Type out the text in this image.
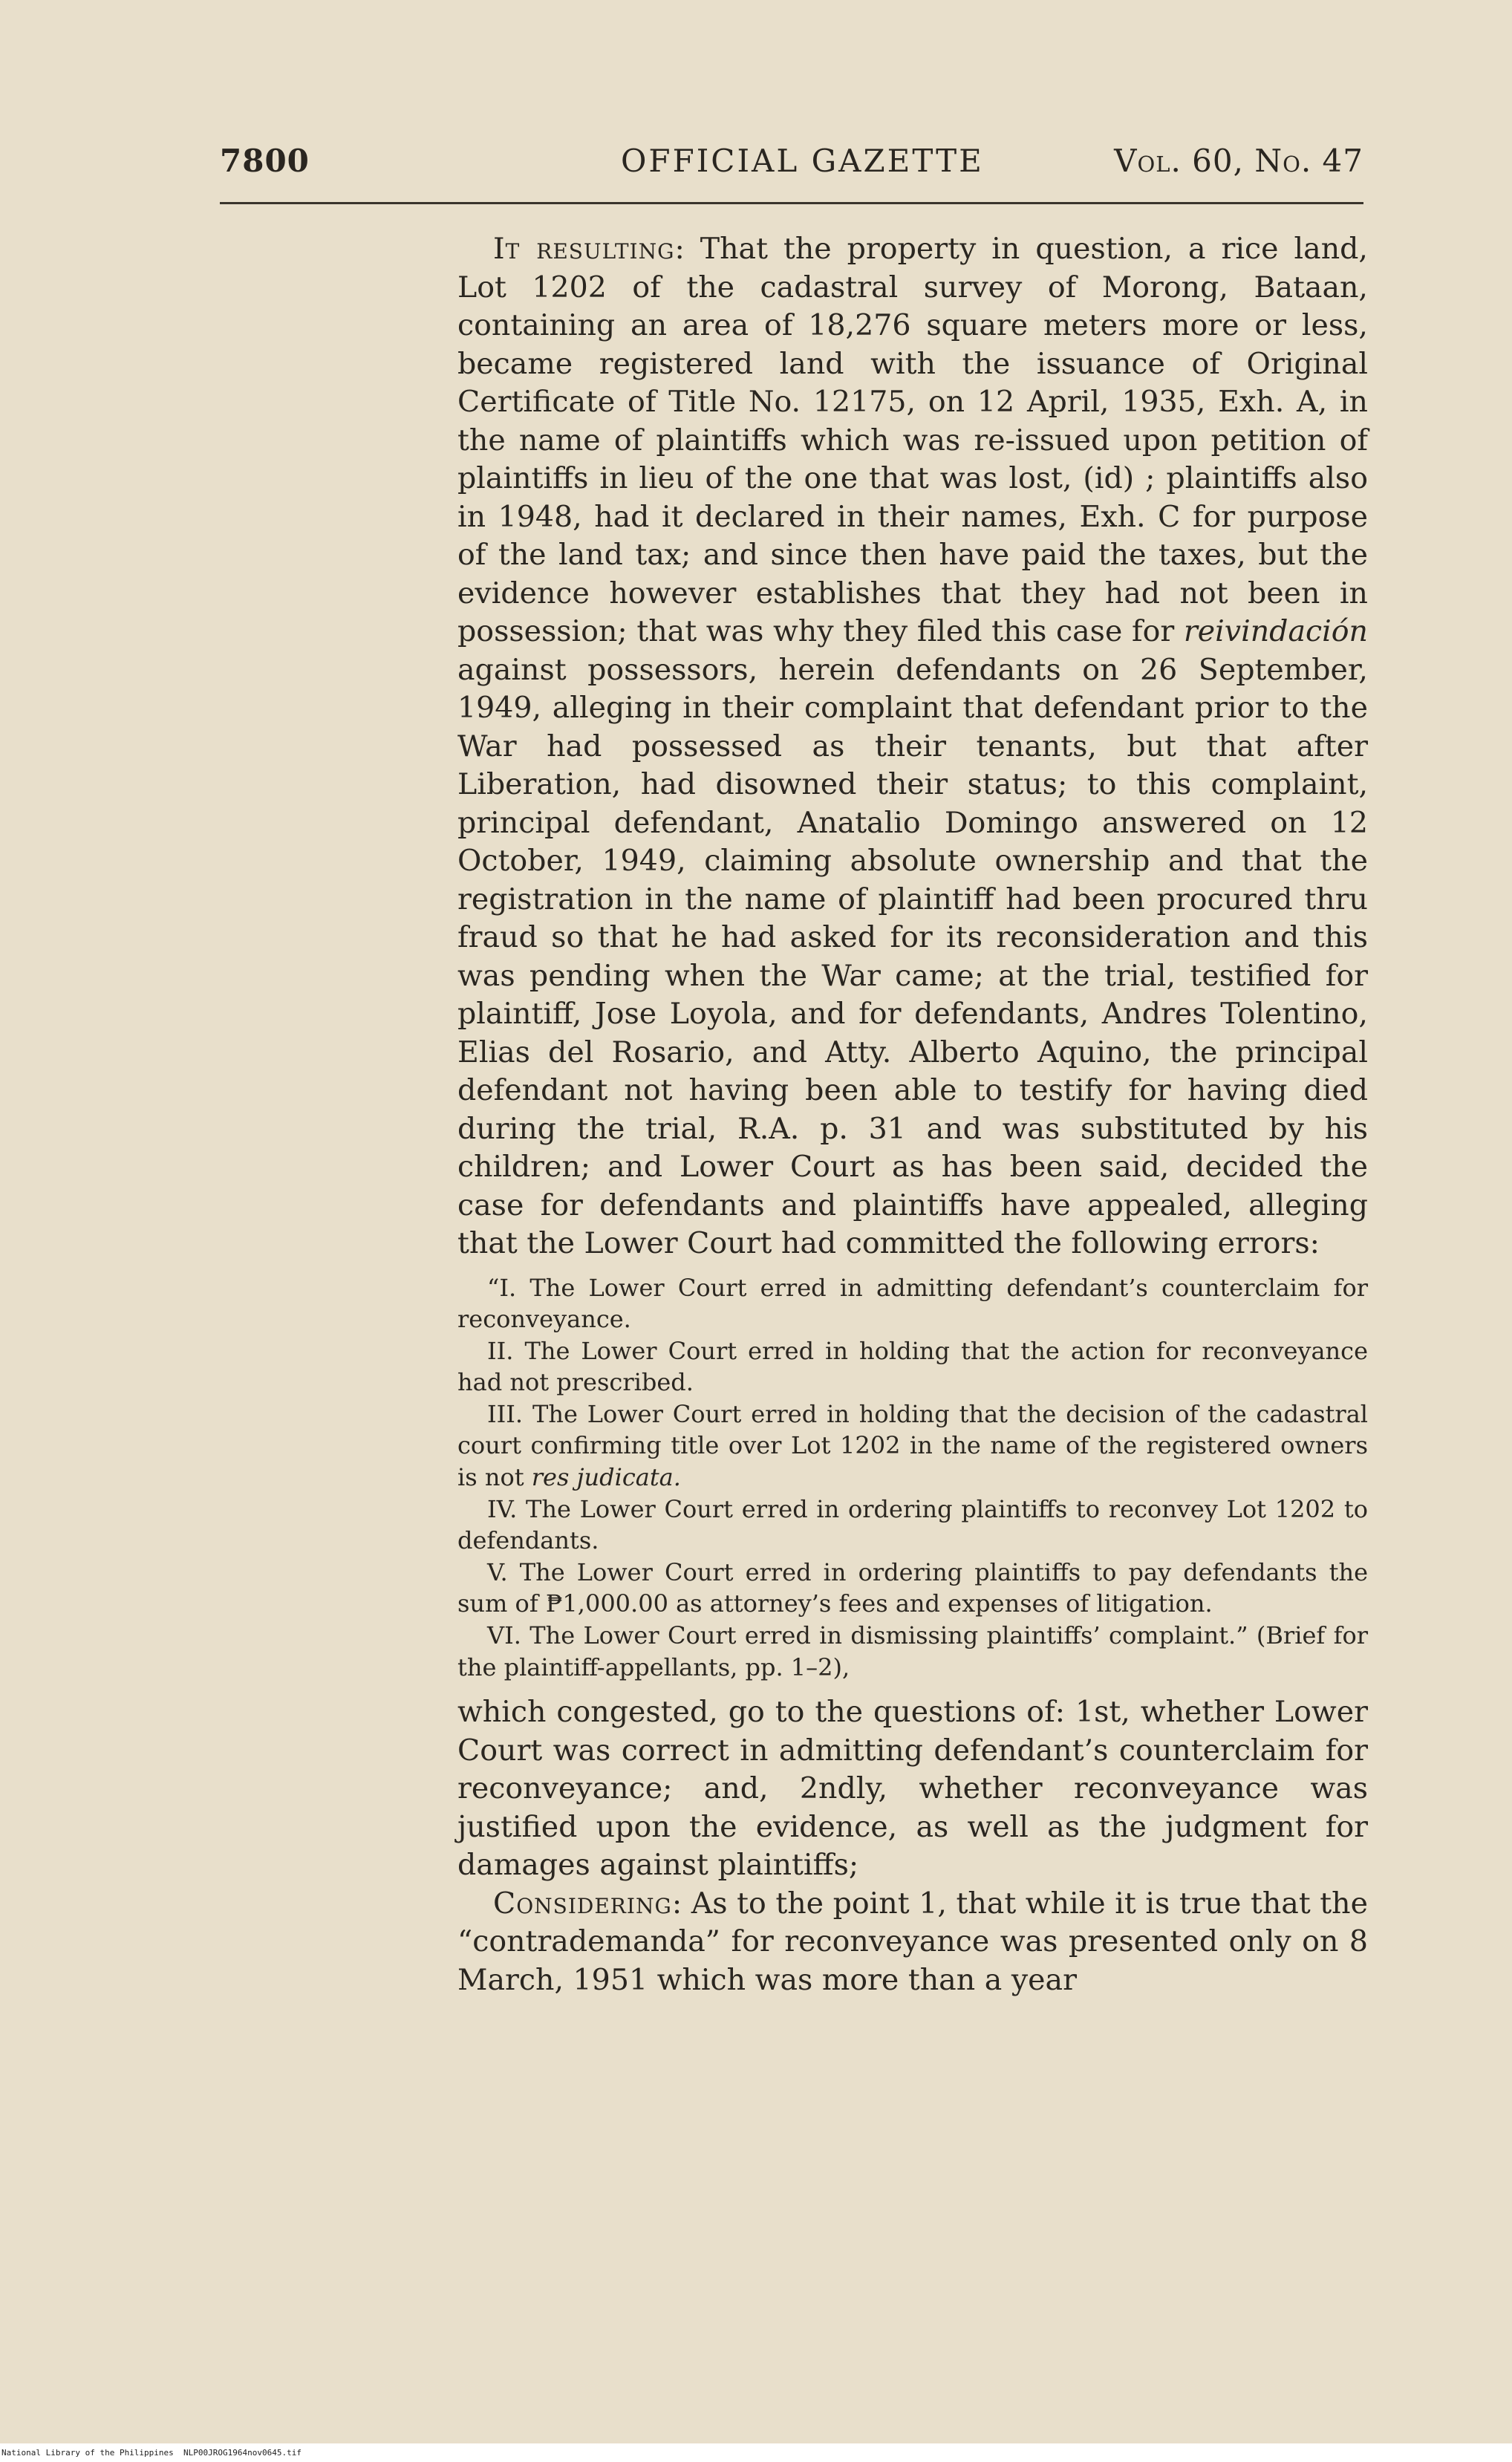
7800	OFFICIAL GAZETTE	Vol. 60, No. 47

It resulting: That the property in question, a rice land, Lot 1202 of the cadastral survey of Morong, Bataan, containing an area of 18,276 square meters more or less, became registered land with the issuance of Original Certificate of Title No. 12175, on 12 April, 1935, Exh. A, in the name of plaintiffs which was re-issued upon petition of plaintiffs in lieu of the one that was lost, (id) ; plaintiffs also in 1948, had it declared in their names, Exh. C for purpose of the land tax; and since then have paid the taxes, but the evidence however establishes that they had not been in possession; that was why they filed this case for reivindación against possessors, herein defendants on 26 September, 1949, alleging in their complaint that defendant prior to the War had possessed as their tenants, but that after Liberation, had disowned their status; to this complaint, principal defendant, Anatalio Domingo answered on 12 October, 1949, claiming absolute ownership and that the registration in the name of plaintiff had been procured thru fraud so that he had asked for its reconsideration and this was pending when the War came; at the trial, testified for plaintiff, Jose Loyola, and for defendants, Andres Tolentino, Elias del Rosario, and Atty. Alberto Aquino, the principal defendant not having been able to testify for having died during the trial, R.A. p. 31 and was substituted by his children; and Lower Court as has been said, decided the case for defendants and plaintiffs have appealed, alleging that the Lower Court had committed the following errors:

“I. The Lower Court erred in admitting defendant’s counterclaim for reconveyance.

II. The Lower Court erred in holding that the action for reconveyance had not prescribed.

III. The Lower Court erred in holding that the decision of the cadastral court confirming title over Lot 1202 in the name of the registered owners is not res judicata.

IV. The Lower Court erred in ordering plaintiffs to reconvey Lot 1202 to defendants.

V. The Lower Court erred in ordering plaintiffs to pay defendants the sum of ₱1,000.00 as attorney’s fees and expenses of litigation.

VI. The Lower Court erred in dismissing plaintiffs’ complaint.” (Brief for the plaintiff-appellants, pp. 1–2),

which congested, go to the questions of: 1st, whether Lower Court was correct in admitting defendant’s counterclaim for reconveyance; and, 2ndly, whether reconveyance was justified upon the evidence, as well as the judgment for damages against plaintiffs;

Considering: As to the point 1, that while it is true that the “contrademanda” for reconveyance was presented only on 8 March, 1951 which was more than a year

National Library of the Philippines NLP00JROG1964nov0645.tif
